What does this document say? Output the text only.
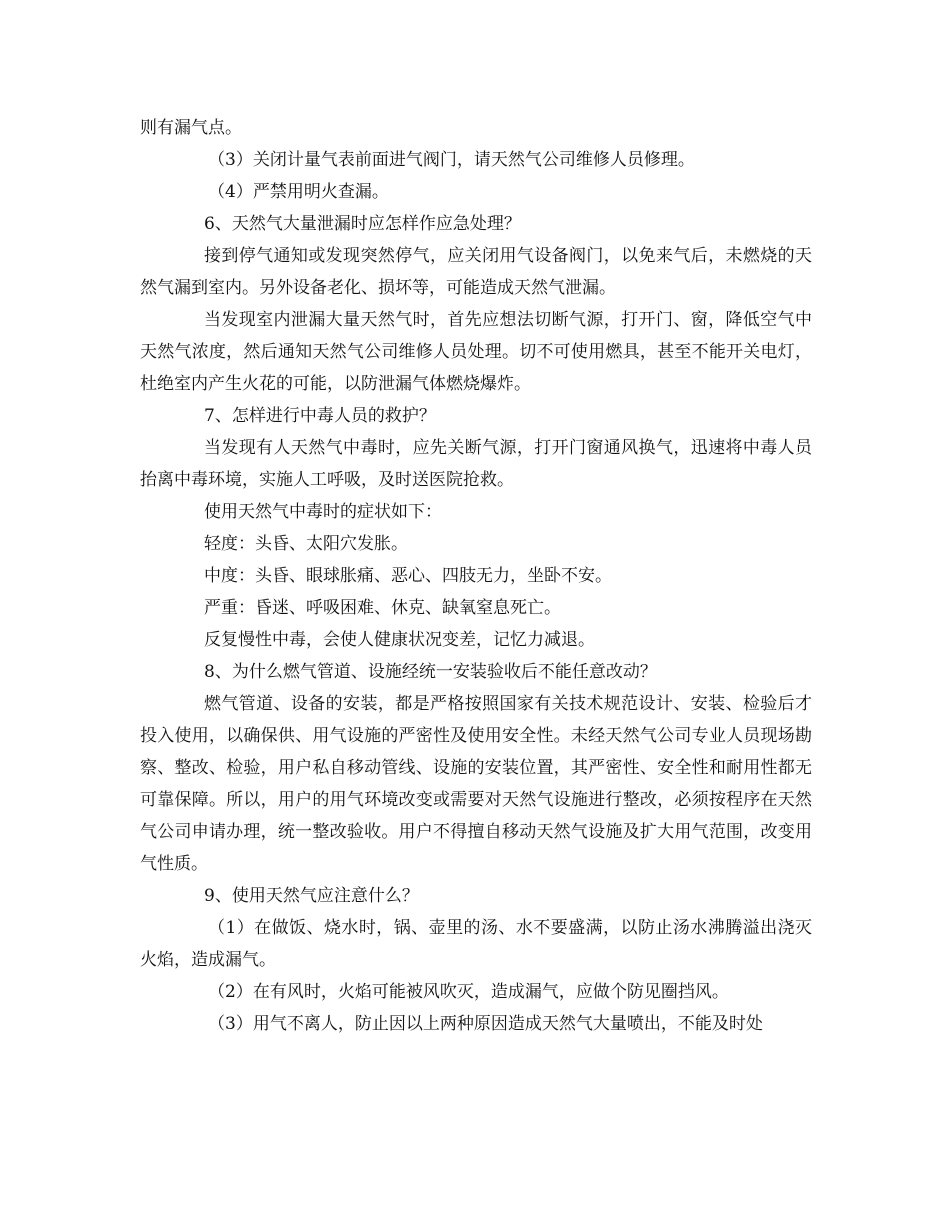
则有漏气点。

（3）关闭计量气表前面进气阀门，请天然气公司维修人员修理。

（4）严禁用明火查漏。

6、天然气大量泄漏时应怎样作应急处理？

接到停气通知或发现突然停气，应关闭用气设备阀门，以免来气后，未燃烧的天然气漏到室内。另外设备老化、损坏等，可能造成天然气泄漏。

当发现室内泄漏大量天然气时，首先应想法切断气源，打开门、窗，降低空气中天然气浓度，然后通知天然气公司维修人员处理。切不可使用燃具，甚至不能开关电灯，杜绝室内产生火花的可能，以防泄漏气体燃烧爆炸。

7、怎样进行中毒人员的救护？

当发现有人天然气中毒时，应先关断气源，打开门窗通风换气，迅速将中毒人员抬离中毒环境，实施人工呼吸，及时送医院抢救。

使用天然气中毒时的症状如下：

轻度：头昏、太阳穴发胀。

中度：头昏、眼球胀痛、恶心、四肢无力，坐卧不安。

严重：昏迷、呼吸困难、休克、缺氧窒息死亡。

反复慢性中毒，会使人健康状况变差，记忆力减退。

8、为什么燃气管道、设施经统一安装验收后不能任意改动？

燃气管道、设备的安装，都是严格按照国家有关技术规范设计、安装、检验后才投入使用，以确保供、用气设施的严密性及使用安全性。未经天然气公司专业人员现场勘察、整改、检验，用户私自移动管线、设施的安装位置，其严密性、安全性和耐用性都无可靠保障。所以，用户的用气环境改变或需要对天然气设施进行整改，必须按程序在天然气公司申请办理，统一整改验收。用户不得擅自移动天然气设施及扩大用气范围，改变用气性质。

9、使用天然气应注意什么？

（1）在做饭、烧水时，锅、壶里的汤、水不要盛满，以防止汤水沸腾溢出浇灭火焰，造成漏气。

（2）在有风时，火焰可能被风吹灭，造成漏气，应做个防见圈挡风。

（3）用气不离人，防止因以上两种原因造成天然气大量喷出，不能及时处
